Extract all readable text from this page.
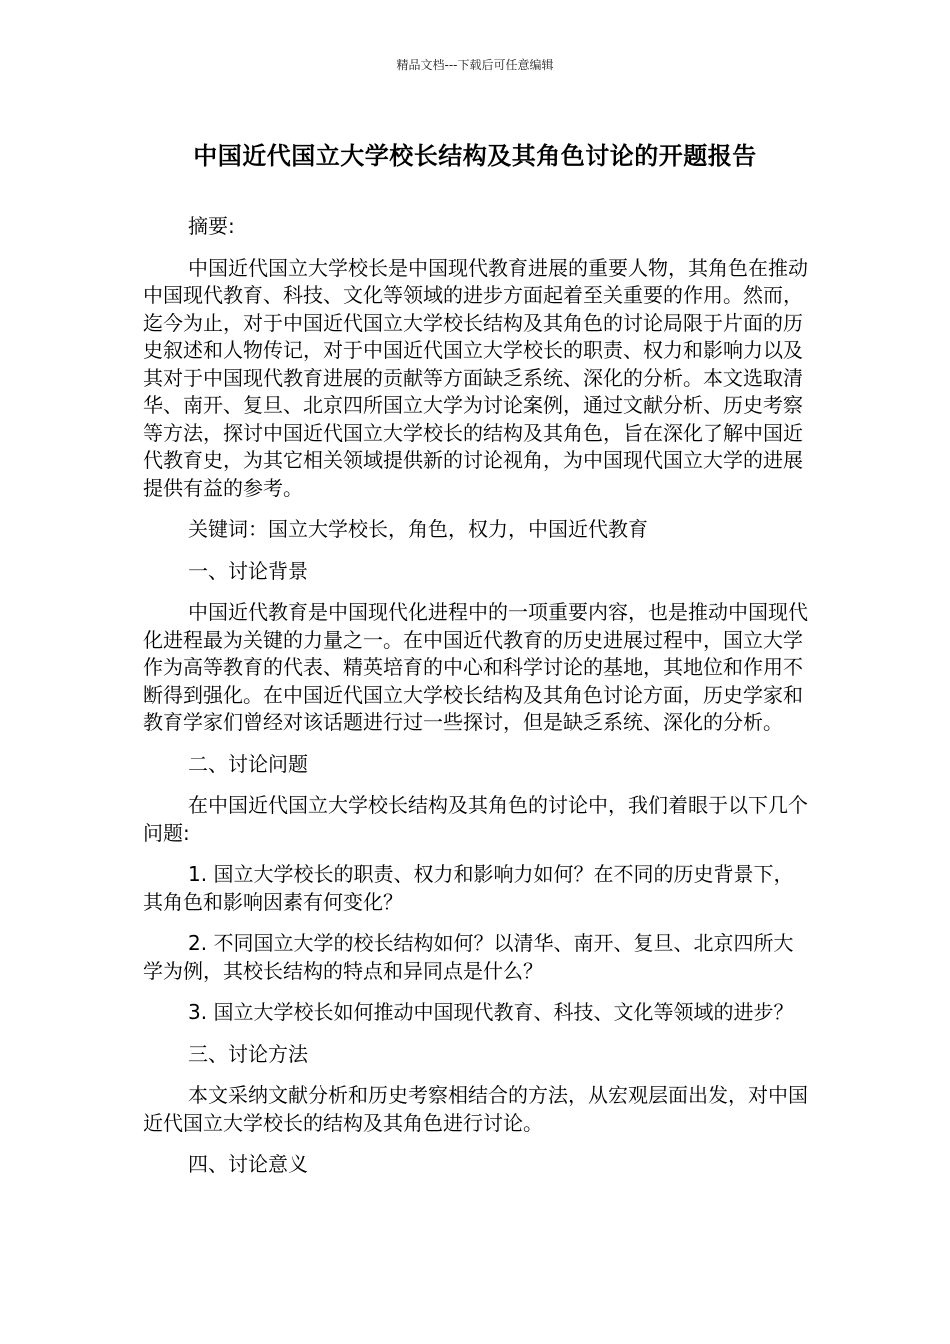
精品文档---下载后可任意编辑
中国近代国立大学校长结构及其角色讨论的开题报告

摘要:

中国近代国立大学校长是中国现代教育进展的重要人物，其角色在推动中国现代教育、科技、文化等领域的进步方面起着至关重要的作用。然而，迄今为止，对于中国近代国立大学校长结构及其角色的讨论局限于片面的历史叙述和人物传记，对于中国近代国立大学校长的职责、权力和影响力以及其对于中国现代教育进展的贡献等方面缺乏系统、深化的分析。本文选取清华、南开、复旦、北京四所国立大学为讨论案例，通过文献分析、历史考察等方法，探讨中国近代国立大学校长的结构及其角色，旨在深化了解中国近代教育史，为其它相关领域提供新的讨论视角，为中国现代国立大学的进展提供有益的参考。

关键词：国立大学校长，角色，权力，中国近代教育

一、讨论背景

中国近代教育是中国现代化进程中的一项重要内容，也是推动中国现代化进程最为关键的力量之一。在中国近代教育的历史进展过程中，国立大学作为高等教育的代表、精英培育的中心和科学讨论的基地，其地位和作用不断得到强化。在中国近代国立大学校长结构及其角色讨论方面，历史学家和教育学家们曾经对该话题进行过一些探讨，但是缺乏系统、深化的分析。

二、讨论问题

在中国近代国立大学校长结构及其角色的讨论中，我们着眼于以下几个问题:

1. 国立大学校长的职责、权力和影响力如何？在不同的历史背景下，其角色和影响因素有何变化？

2. 不同国立大学的校长结构如何？以清华、南开、复旦、北京四所大学为例，其校长结构的特点和异同点是什么？

3. 国立大学校长如何推动中国现代教育、科技、文化等领域的进步？

三、讨论方法

本文采纳文献分析和历史考察相结合的方法，从宏观层面出发，对中国近代国立大学校长的结构及其角色进行讨论。

四、讨论意义
